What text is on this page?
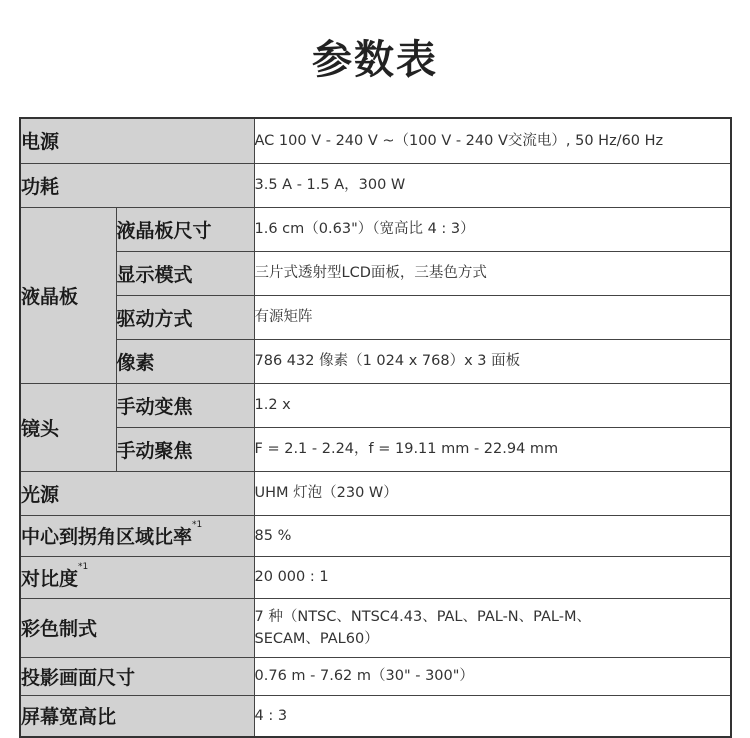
参数表
电源		AC 100 V - 240 V ~（100 V - 240 V交流电）, 50 Hz/60 Hz
功耗		3.5 A - 1.5 A，300 W
液晶板	液晶板尺寸	1.6 cm（0.63"）（宽高比 4 : 3）
	显示模式	三片式透射型LCD面板，三基色方式
	驱动方式	有源矩阵
	像素	786 432 像素（1 024 x 768）x 3 面板
镜头	手动变焦	1.2 x
	手动聚焦	F = 2.1 - 2.24，f = 19.11 mm - 22.94 mm
光源		UHM 灯泡（230 W）
中心到拐角区域比率$^{*1}$		85 %
对比度$^{*1}$		20 000 : 1
彩色制式		7 种（NTSC、NTSC4.43、PAL、PAL-N、PAL-M、
SECAM、PAL60）

投影画面尺寸		0.76 m - 7.62 m（30" - 300"）
屏幕宽高比		4 : 3
